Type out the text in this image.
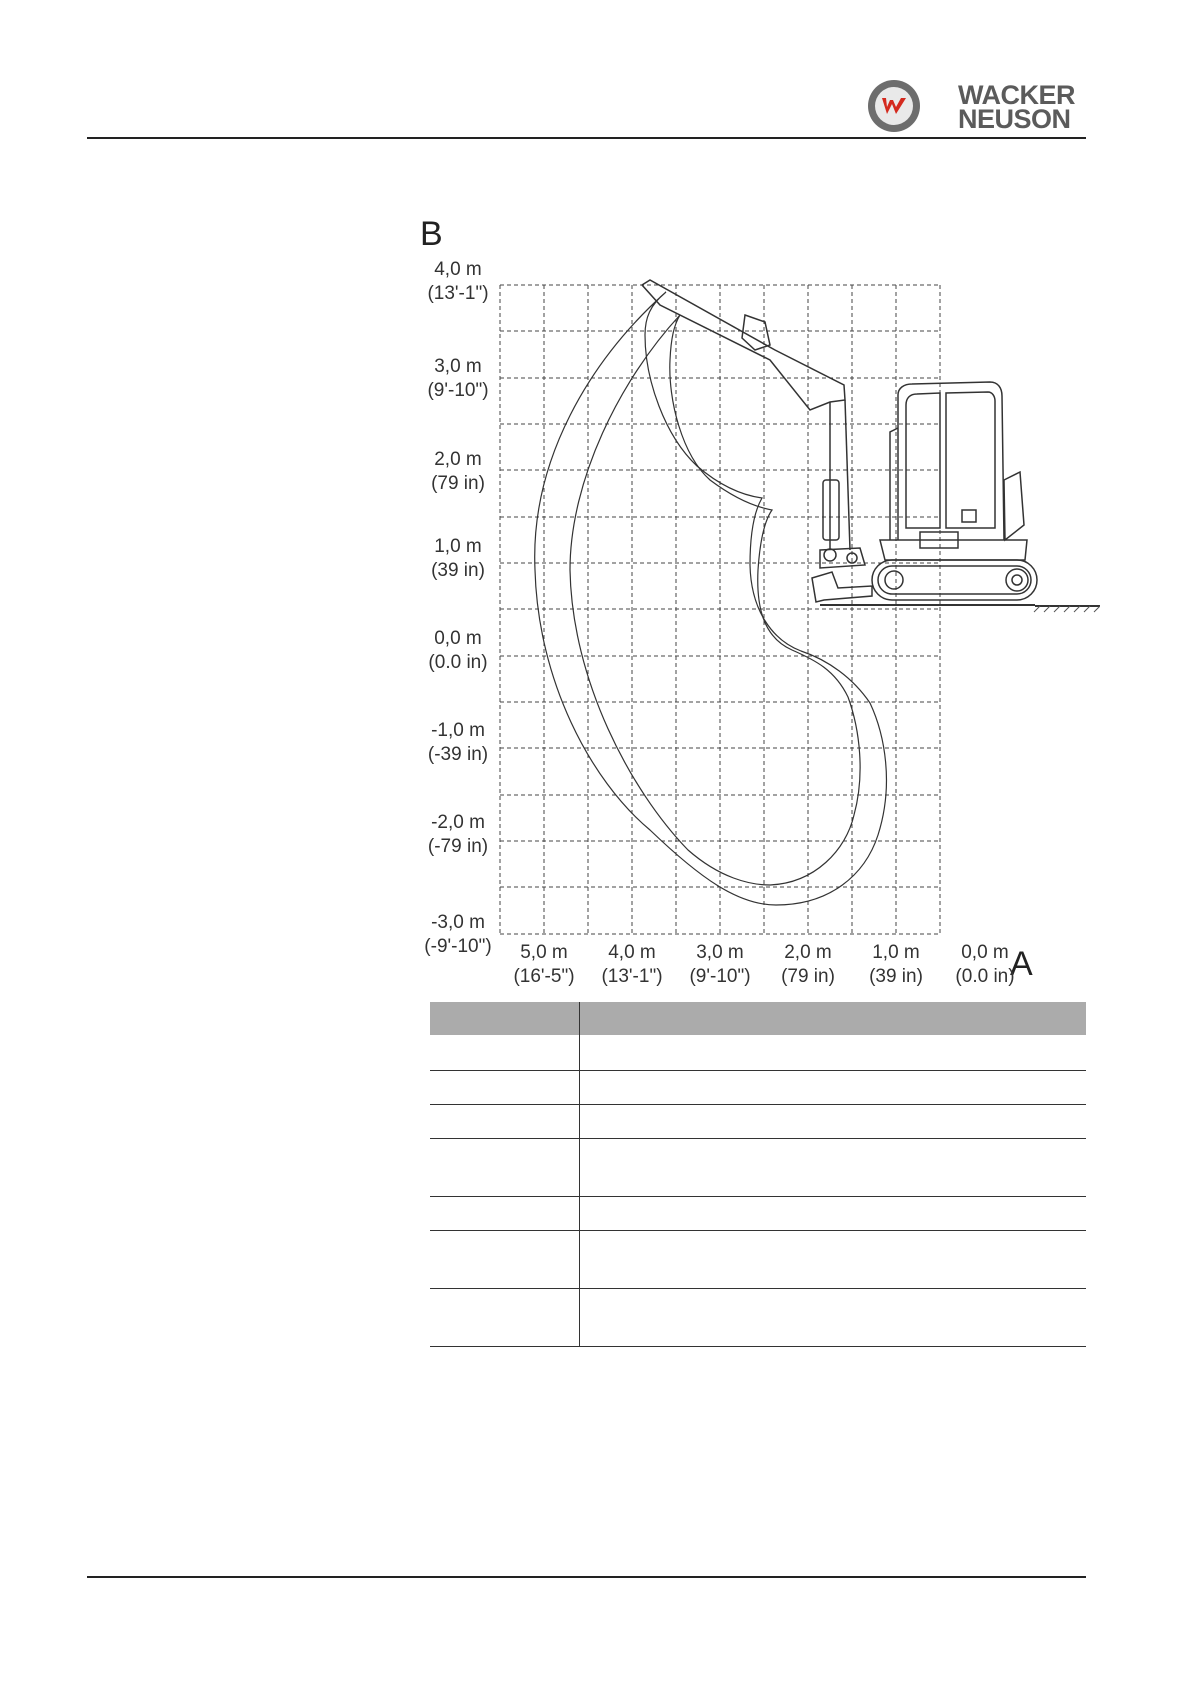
WACKER
NEUSON
B
A
4,0 m
(13'-1")
3,0 m
(9'-10")
2,0 m
(79 in)
1,0 m
(39 in)
0,0 m
(0.0 in)
-1,0 m
(-39 in)
-2,0 m
(-79 in)
-3,0 m
(-9'-10") 5,0 m
(16'-5")
4,0 m
(13'-1")
3,0 m
(9'-10")
2,0 m
(79 in)
1,0 m
(39 in)
0,0 m
(0.0 in)
